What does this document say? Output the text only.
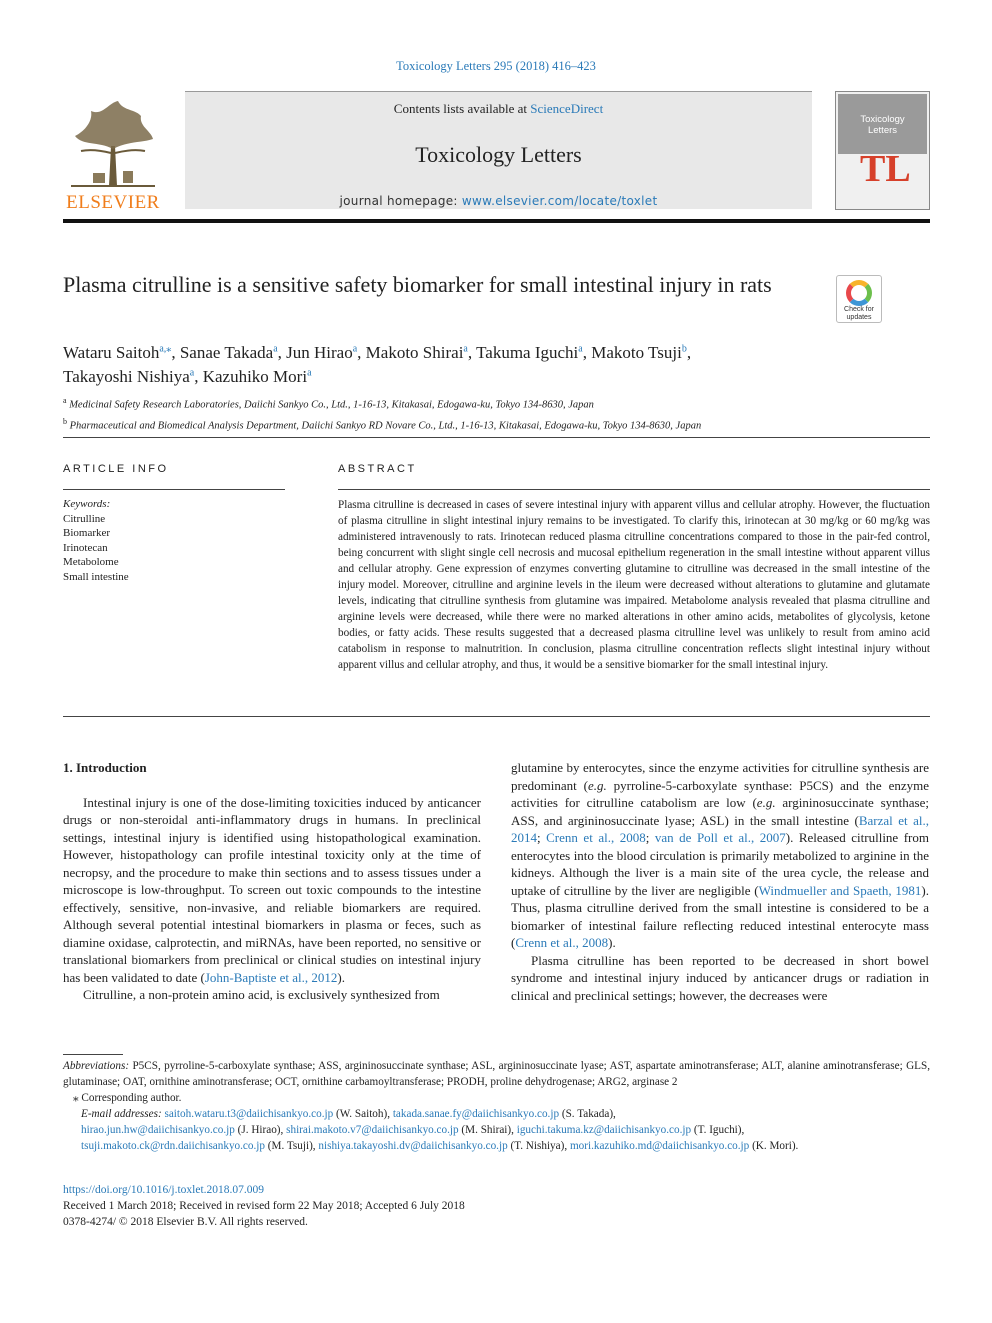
Toxicology Letters 295 (2018) 416–423
ELSEVIER
Contents lists available at ScienceDirect
Toxicology Letters
journal homepage: www.elsevier.com/locate/toxlet
Toxicology
Letters
TL
Plasma citrulline is a sensitive safety biomarker for small intestinal injury in rats
Check for
updates
Wataru Saitoh$^{a,⁎}$, Sanae Takada$^a$, Jun Hirao$^a$, Makoto Shirai$^a$, Takuma Iguchi$^a$, Makoto Tsuji$^b$,
Takayoshi Nishiya$^a$, Kazuhiko Mori$^a$
$^a$ Medicinal Safety Research Laboratories, Daiichi Sankyo Co., Ltd., 1-16-13, Kitakasai, Edogawa-ku, Tokyo 134-8630, Japan
$^b$ Pharmaceutical and Biomedical Analysis Department, Daiichi Sankyo RD Novare Co., Ltd., 1-16-13, Kitakasai, Edogawa-ku, Tokyo 134-8630, Japan
ARTICLE INFO	ABSTRACT
Keywords:
Citrulline
Biomarker
Irinotecan
Metabolome
Small intestine
Plasma citrulline is decreased in cases of severe intestinal injury with apparent villus and cellular atrophy. However, the fluctuation of plasma citrulline in slight intestinal injury remains to be investigated. To clarify this, irinotecan at 30 mg/kg or 60 mg/kg was administered intravenously to rats. Irinotecan reduced plasma citrulline concentrations compared to those in the pair-fed control, being concurrent with slight single cell necrosis and mucosal epithelium regeneration in the small intestine without apparent villus and cellular atrophy. Gene expression of enzymes converting glutamine to citrulline was decreased in the small intestine of the injury model. Moreover, citrulline and arginine levels in the ileum were decreased without alterations to glutamine and glutamate levels, indicating that citrulline synthesis from glutamine was impaired. Metabolome analysis revealed that plasma citrulline and arginine levels were decreased, while there were no marked alterations in other amino acids, metabolites of glycolysis, ketone bodies, or fatty acids. These results suggested that a decreased plasma citrulline level was unlikely to result from amino acid catabolism in response to malnutrition. In conclusion, plasma citrulline concentration reflects slight intestinal injury without apparent villus and cellular atrophy, and thus, it would be a sensitive biomarker for the small intestinal injury.
1. Introduction

Intestinal injury is one of the dose-limiting toxicities induced by anticancer drugs or non-steroidal anti-inflammatory drugs in humans. In preclinical settings, intestinal injury is identified using histopathological examination. However, histopathology can profile intestinal toxicity only at the time of necropsy, and the procedure to make thin sections and to assess tissues under a microscope is low-throughput. To screen out toxic compounds to the intestine effectively, sensitive, non-invasive, and reliable biomarkers are required. Although several potential intestinal biomarkers in plasma or feces, such as diamine oxidase, calprotectin, and miRNAs, have been reported, no sensitive or translational biomarkers from preclinical or clinical studies on intestinal injury has been validated to date (John-Baptiste et al., 2012).

Citrulline, a non-protein amino acid, is exclusively synthesized from

glutamine by enterocytes, since the enzyme activities for citrulline synthesis are predominant (e.g. pyrroline-5-carboxylate synthase: P5CS) and the enzyme activities for citrulline catabolism are low (e.g. argininosuccinate synthase; ASS, and argininosuccinate lyase; ASL) in the small intestine (Barzal et al., 2014; Crenn et al., 2008; van de Poll et al., 2007). Released citrulline from enterocytes into the blood circulation is primarily metabolized to arginine in the kidneys. Although the liver is a main site of the urea cycle, the release and uptake of citrulline by the liver are negligible (Windmueller and Spaeth, 1981). Thus, plasma citrulline derived from the small intestine is considered to be a biomarker of intestinal failure reflecting reduced intestinal enterocyte mass (Crenn et al., 2008).

Plasma citrulline has been reported to be decreased in short bowel syndrome and intestinal injury induced by anticancer drugs or radiation in clinical and preclinical settings; however, the decreases were

Abbreviations: P5CS, pyrroline-5-carboxylate synthase; ASS, argininosuccinate synthase; ASL, argininosuccinate lyase; AST, aspartate aminotransferase; ALT, alanine aminotransferase; GLS, glutaminase; OAT, ornithine aminotransferase; OCT, ornithine carbamoyltransferase; PRODH, proline dehydrogenase; ARG2, arginase 2
⁎ Corresponding author.
E-mail addresses: saitoh.wataru.t3@daiichisankyo.co.jp (W. Saitoh), takada.sanae.fy@daiichisankyo.co.jp (S. Takada),
hirao.jun.hw@daiichisankyo.co.jp (J. Hirao), shirai.makoto.v7@daiichisankyo.co.jp (M. Shirai), iguchi.takuma.kz@daiichisankyo.co.jp (T. Iguchi),
tsuji.makoto.ck@rdn.daiichisankyo.co.jp (M. Tsuji), nishiya.takayoshi.dv@daiichisankyo.co.jp (T. Nishiya), mori.kazuhiko.md@daiichisankyo.co.jp (K. Mori).
https://doi.org/10.1016/j.toxlet.2018.07.009
Received 1 March 2018; Received in revised form 22 May 2018; Accepted 6 July 2018
0378-4274/ © 2018 Elsevier B.V. All rights reserved.
